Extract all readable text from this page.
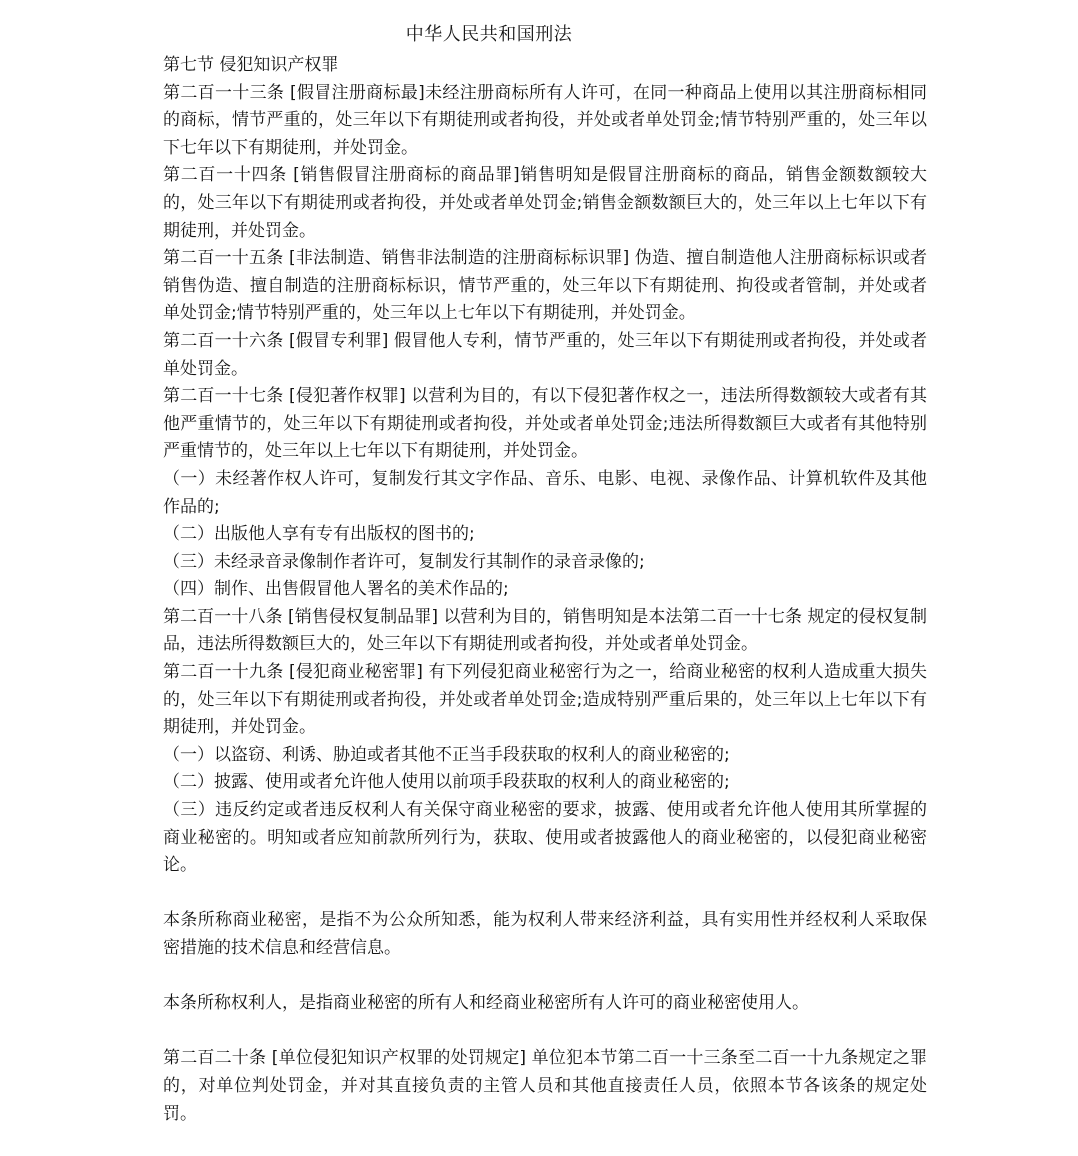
中华人民共和国刑法

第七节 侵犯知识产权罪

第二百一十三条 [假冒注册商标最]未经注册商标所有人许可，在同一种商品上使用以其注册商标相同的商标，情节严重的，处三年以下有期徒刑或者拘役，并处或者单处罚金;情节特别严重的，处三年以下七年以下有期徒刑，并处罚金。

第二百一十四条 [销售假冒注册商标的商品罪]销售明知是假冒注册商标的商品，销售金额数额较大的，处三年以下有期徒刑或者拘役，并处或者单处罚金;销售金额数额巨大的，处三年以上七年以下有期徒刑，并处罚金。

第二百一十五条 [非法制造、销售非法制造的注册商标标识罪] 伪造、擅自制造他人注册商标标识或者销售伪造、擅自制造的注册商标标识，情节严重的，处三年以下有期徒刑、拘役或者管制，并处或者单处罚金;情节特别严重的，处三年以上七年以下有期徒刑，并处罚金。

第二百一十六条 [假冒专利罪] 假冒他人专利，情节严重的，处三年以下有期徒刑或者拘役，并处或者单处罚金。

第二百一十七条 [侵犯著作权罪] 以营利为目的，有以下侵犯著作权之一，违法所得数额较大或者有其他严重情节的，处三年以下有期徒刑或者拘役，并处或者单处罚金;违法所得数额巨大或者有其他特别严重情节的，处三年以上七年以下有期徒刑，并处罚金。

（一）未经著作权人许可，复制发行其文字作品、音乐、电影、电视、录像作品、计算机软件及其他作品的;

（二）出版他人享有专有出版权的图书的;

（三）未经录音录像制作者许可，复制发行其制作的录音录像的;

（四）制作、出售假冒他人署名的美术作品的;

第二百一十八条 [销售侵权复制品罪] 以营利为目的，销售明知是本法第二百一十七条 规定的侵权复制品，违法所得数额巨大的，处三年以下有期徒刑或者拘役，并处或者单处罚金。

第二百一十九条 [侵犯商业秘密罪] 有下列侵犯商业秘密行为之一，给商业秘密的权利人造成重大损失的，处三年以下有期徒刑或者拘役，并处或者单处罚金;造成特别严重后果的，处三年以上七年以下有期徒刑，并处罚金。

（一）以盗窃、利诱、胁迫或者其他不正当手段获取的权利人的商业秘密的;

（二）披露、使用或者允许他人使用以前项手段获取的权利人的商业秘密的;

（三）违反约定或者违反权利人有关保守商业秘密的要求，披露、使用或者允许他人使用其所掌握的商业秘密的。明知或者应知前款所列行为，获取、使用或者披露他人的商业秘密的，以侵犯商业秘密论。

本条所称商业秘密，是指不为公众所知悉，能为权利人带来经济利益，具有实用性并经权利人采取保密措施的技术信息和经营信息。

本条所称权利人，是指商业秘密的所有人和经商业秘密所有人许可的商业秘密使用人。

第二百二十条 [单位侵犯知识产权罪的处罚规定] 单位犯本节第二百一十三条至二百一十九条规定之罪的，对单位判处罚金，并对其直接负责的主管人员和其他直接责任人员，依照本节各该条的规定处罚。
